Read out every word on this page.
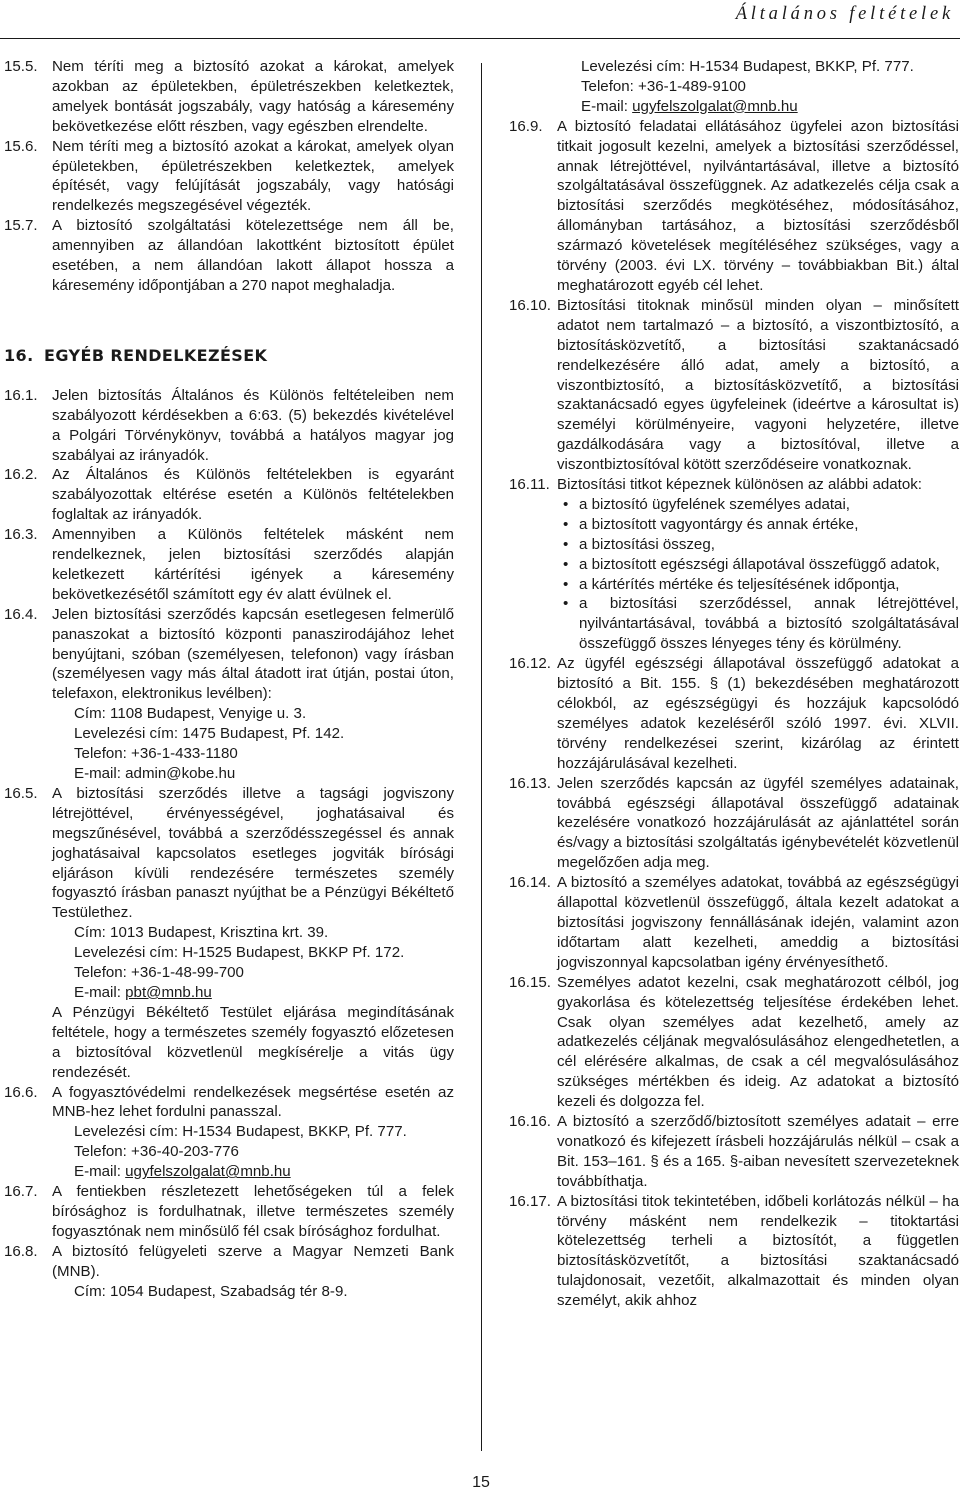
Általános feltételek
15.5. Nem téríti meg a biztosító azokat a károkat, amelyek azokban az épületekben, épületrészekben keletkeztek, amelyek bontását jogszabály, vagy hatóság a káresemény bekövetkezése előtt részben, vagy egészben elrendelte.
15.6. Nem téríti meg a biztosító azokat a károkat, amelyek olyan épületekben, épületrészekben keletkeztek, amelyek építését, vagy felújítását jogszabály, vagy hatósági rendelkezés megszegésével végezték.
15.7. A biztosító szolgáltatási kötelezettsége nem áll be, amennyiben az állandóan lakottként biztosított épület esetében, a nem állandóan lakott állapot hossza a káresemény időpontjában a 270 napot meghaladja.
16. EGYÉB RENDELKEZÉSEK
16.1. Jelen biztosítás Általános és Különös feltételeiben nem szabályozott kérdésekben a 6:63. (5) bekezdés kivételével a Polgári Törvénykönyv, továbbá a hatályos magyar jog szabályai az irányadók.
16.2. Az Általános és Különös feltételekben is egyaránt szabályozottak eltérése esetén a Különös feltételekben foglaltak az irányadók.
16.3. Amennyiben a Különös feltételek másként nem rendelkeznek, jelen biztosítási szerződés alapján keletkezett kártérítési igények a káresemény bekövetkezésétől számított egy év alatt évülnek el.
16.4. Jelen biztosítási szerződés kapcsán esetlegesen felmerülő panaszokat a biztosító központi panaszirodájához lehet benyújtani, szóban (személyesen, telefonon) vagy írásban (személyesen vagy más által átadott irat útján, postai úton, telefaxon, elektronikus levélben):
Cím: 1108 Budapest, Venyige u. 3.
Levelezési cím: 1475 Budapest, Pf. 142.
Telefon: +36-1-433-1180
E-mail: admin@kobe.hu
16.5. A biztosítási szerződés illetve a tagsági jogviszony létrejöttével, érvényességével, joghatásaival és megszűnésével, továbbá a szerződésszegéssel és annak joghatásaival kapcsolatos esetleges jogviták bírósági eljáráson kívüli rendezésére természetes személy fogyasztó írásban panaszt nyújthat be a Pénzügyi Békéltető Testülethez.
Cím: 1013 Budapest, Krisztina krt. 39.
Levelezési cím: H-1525 Budapest, BKKP Pf. 172.
Telefon: +36-1-48-99-700
E-mail: pbt@mnb.hu
A Pénzügyi Békéltető Testület eljárása megindításának feltétele, hogy a természetes személy fogyasztó előzetesen a biztosítóval közvetlenül megkísérelje a vitás ügy rendezését.
16.6. A fogyasztóvédelmi rendelkezések megsértése esetén az MNB-hez lehet fordulni panasszal.
Levelezési cím: H-1534 Budapest, BKKP, Pf. 777.
Telefon: +36-40-203-776
E-mail: ugyfelszolgalat@mnb.hu
16.7. A fentiekben részletezett lehetőségeken túl a felek bírósághoz is fordulhatnak, illetve természetes személy fogyasztónak nem minősülő fél csak bírósághoz fordulhat.
16.8. A biztosító felügyeleti szerve a Magyar Nemzeti Bank (MNB).
Cím: 1054 Budapest, Szabadság tér 8-9.
Levelezési cím: H-1534 Budapest, BKKP, Pf. 777.
Telefon: +36-1-489-9100
E-mail: ugyfelszolgalat@mnb.hu
16.9. A biztosító feladatai ellátásához ügyfelei azon biztosítási titkait jogosult kezelni, amelyek a biztosítási szerződéssel, annak létrejöttével, nyilvántartásával, illetve a biztosító szolgáltatásával összefüggnek. Az adatkezelés célja csak a biztosítási szerződés megkötéséhez, módosításához, állományban tartásához, a biztosítási szerződésből származó követelések megítéléséhez szükséges, vagy a törvény (2003. évi LX. törvény – továbbiakban Bit.) által meghatározott egyéb cél lehet.
16.10. Biztosítási titoknak minősül minden olyan – minősített adatot nem tartalmazó – a biztosító, a viszontbiztosító, a biztosításközvetítő, a biztosítási szaktanácsadó rendelkezésére álló adat, amely a biztosító, a viszontbiztosító, a biztosításközvetítő, a biztosítási szaktanácsadó egyes ügyfeleinek (ideértve a károsultat is) személyi körülményeire, vagyoni helyzetére, illetve gazdálkodására vagy a biztosítóval, illetve a viszontbiztosítóval kötött szerződéseire vonatkoznak.
16.11. Biztosítási titkot képeznek különösen az alábbi adatok:
• a biztosító ügyfelének személyes adatai,
• a biztosított vagyontárgy és annak értéke,
• a biztosítási összeg,
• a biztosított egészségi állapotával összefüggő adatok,
• a kártérítés mértéke és teljesítésének időpontja,
• a biztosítási szerződéssel, annak létrejöttével, nyilvántartásával, továbbá a biztosító szolgáltatásával összefüggő összes lényeges tény és körülmény.
16.12. Az ügyfél egészségi állapotával összefüggő adatokat a biztosító a Bit. 155. § (1) bekezdésében meghatározott célokból, az egészségügyi és hozzájuk kapcsolódó személyes adatok kezeléséről szóló 1997. évi. XLVII. törvény rendelkezései szerint, kizárólag az érintett hozzájárulásával kezelheti.
16.13. Jelen szerződés kapcsán az ügyfél személyes adatainak, továbbá egészségi állapotával összefüggő adatainak kezelésére vonatkozó hozzájárulását az ajánlattétel során és/vagy a biztosítási szolgáltatás igénybevételét közvetlenül megelőzően adja meg.
16.14. A biztosító a személyes adatokat, továbbá az egészségügyi állapottal közvetlenül összefüggő, általa kezelt adatokat a biztosítási jogviszony fennállásának idején, valamint azon időtartam alatt kezelheti, ameddig a biztosítási jogviszonnyal kapcsolatban igény érvényesíthető.
16.15. Személyes adatot kezelni, csak meghatározott célból, jog gyakorlása és kötelezettség teljesítése érdekében lehet. Csak olyan személyes adat kezelhető, amely az adatkezelés céljának megvalósulásához elengedhetetlen, a cél elérésére alkalmas, de csak a cél megvalósulásához szükséges mértékben és ideig. Az adatokat a biztosító kezeli és dolgozza fel.
16.16. A biztosító a szerződő/biztosított személyes adatait – erre vonatkozó és kifejezett írásbeli hozzájárulás nélkül – csak a Bit. 153–161. § és a 165. §-aiban nevesített szervezeteknek továbbíthatja.
16.17. A biztosítási titok tekintetében, időbeli korlátozás nélkül – ha törvény másként nem rendelkezik – titoktartási kötelezettség terheli a biztosítót, a független biztosításközvetítőt, a biztosítási szaktanácsadó tulajdonosait, vezetőit, alkalmazottait és minden olyan személyt, akik ahhoz
15
